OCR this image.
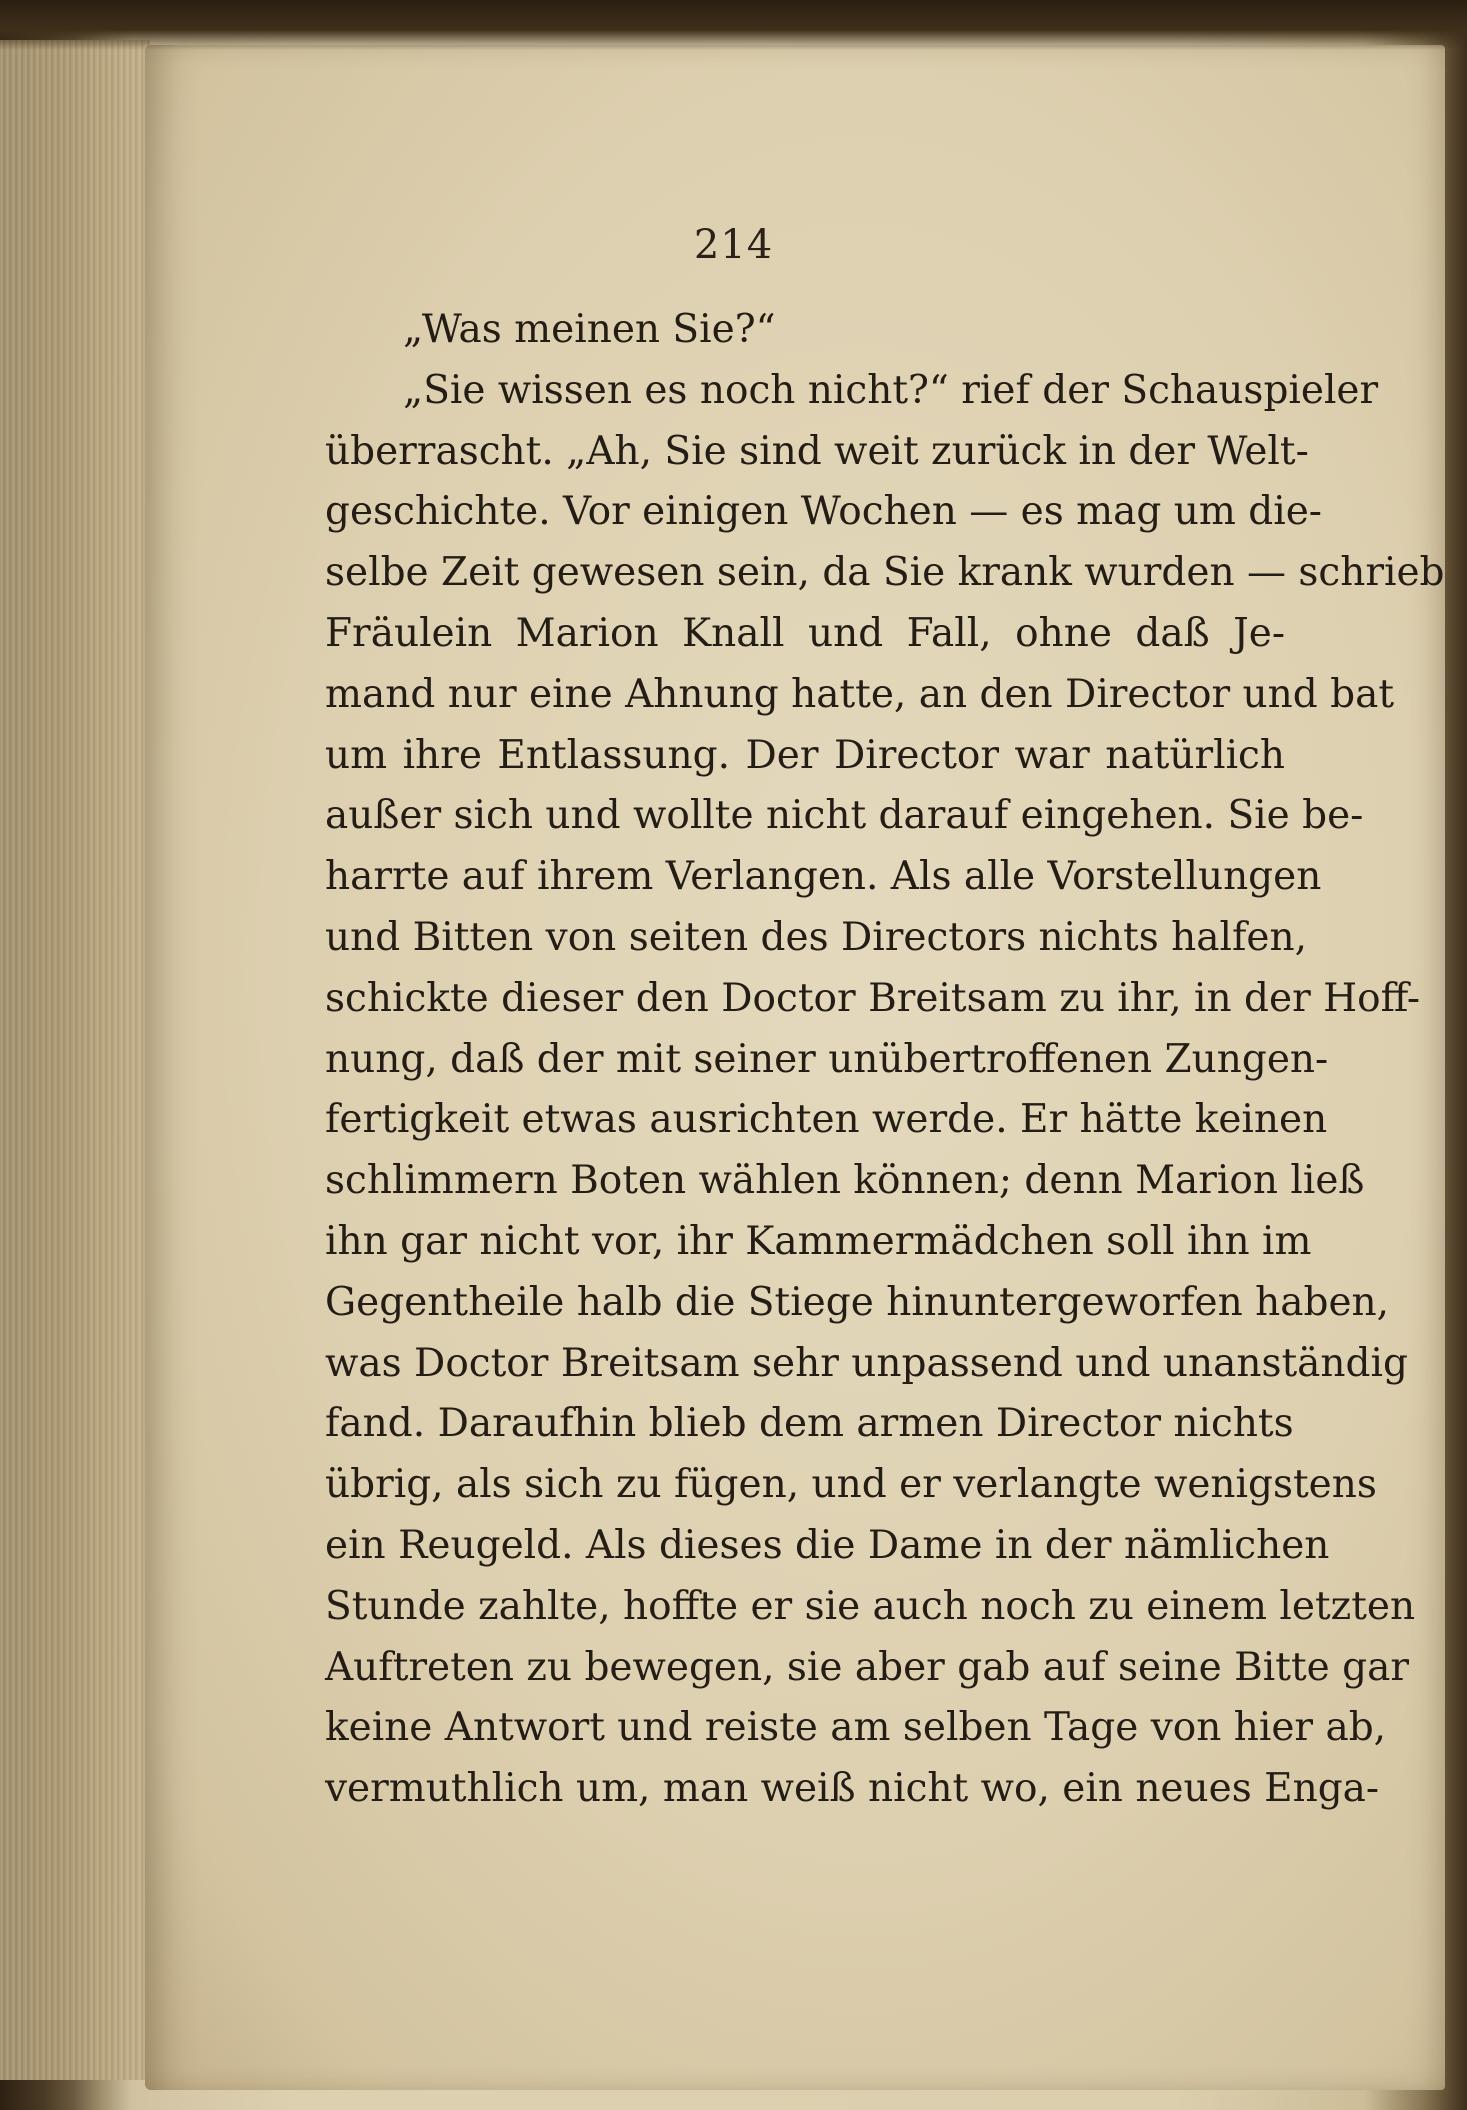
214
„Was meinen Sie?“
„Sie wissen es noch nicht?“ rief der Schauspieler
überrascht. „Ah, Sie sind weit zurück in der Welt-
geschichte. Vor einigen Wochen — es mag um die-
selbe Zeit gewesen sein, da Sie krank wurden — schrieb
Fräulein Marion Knall und Fall, ohne daß Je-
mand nur eine Ahnung hatte, an den Director und bat
um ihre Entlassung. Der Director war natürlich
außer sich und wollte nicht darauf eingehen. Sie be-
harrte auf ihrem Verlangen. Als alle Vorstellungen
und Bitten von seiten des Directors nichts halfen,
schickte dieser den Doctor Breitsam zu ihr, in der Hoff-
nung, daß der mit seiner unübertroffenen Zungen-
fertigkeit etwas ausrichten werde. Er hätte keinen
schlimmern Boten wählen können; denn Marion ließ
ihn gar nicht vor, ihr Kammermädchen soll ihn im
Gegentheile halb die Stiege hinuntergeworfen haben,
was Doctor Breitsam sehr unpassend und unanständig
fand. Daraufhin blieb dem armen Director nichts
übrig, als sich zu fügen, und er verlangte wenigstens
ein Reugeld. Als dieses die Dame in der nämlichen
Stunde zahlte, hoffte er sie auch noch zu einem letzten
Auftreten zu bewegen, sie aber gab auf seine Bitte gar
keine Antwort und reiste am selben Tage von hier ab,
vermuthlich um, man weiß nicht wo, ein neues Enga-
